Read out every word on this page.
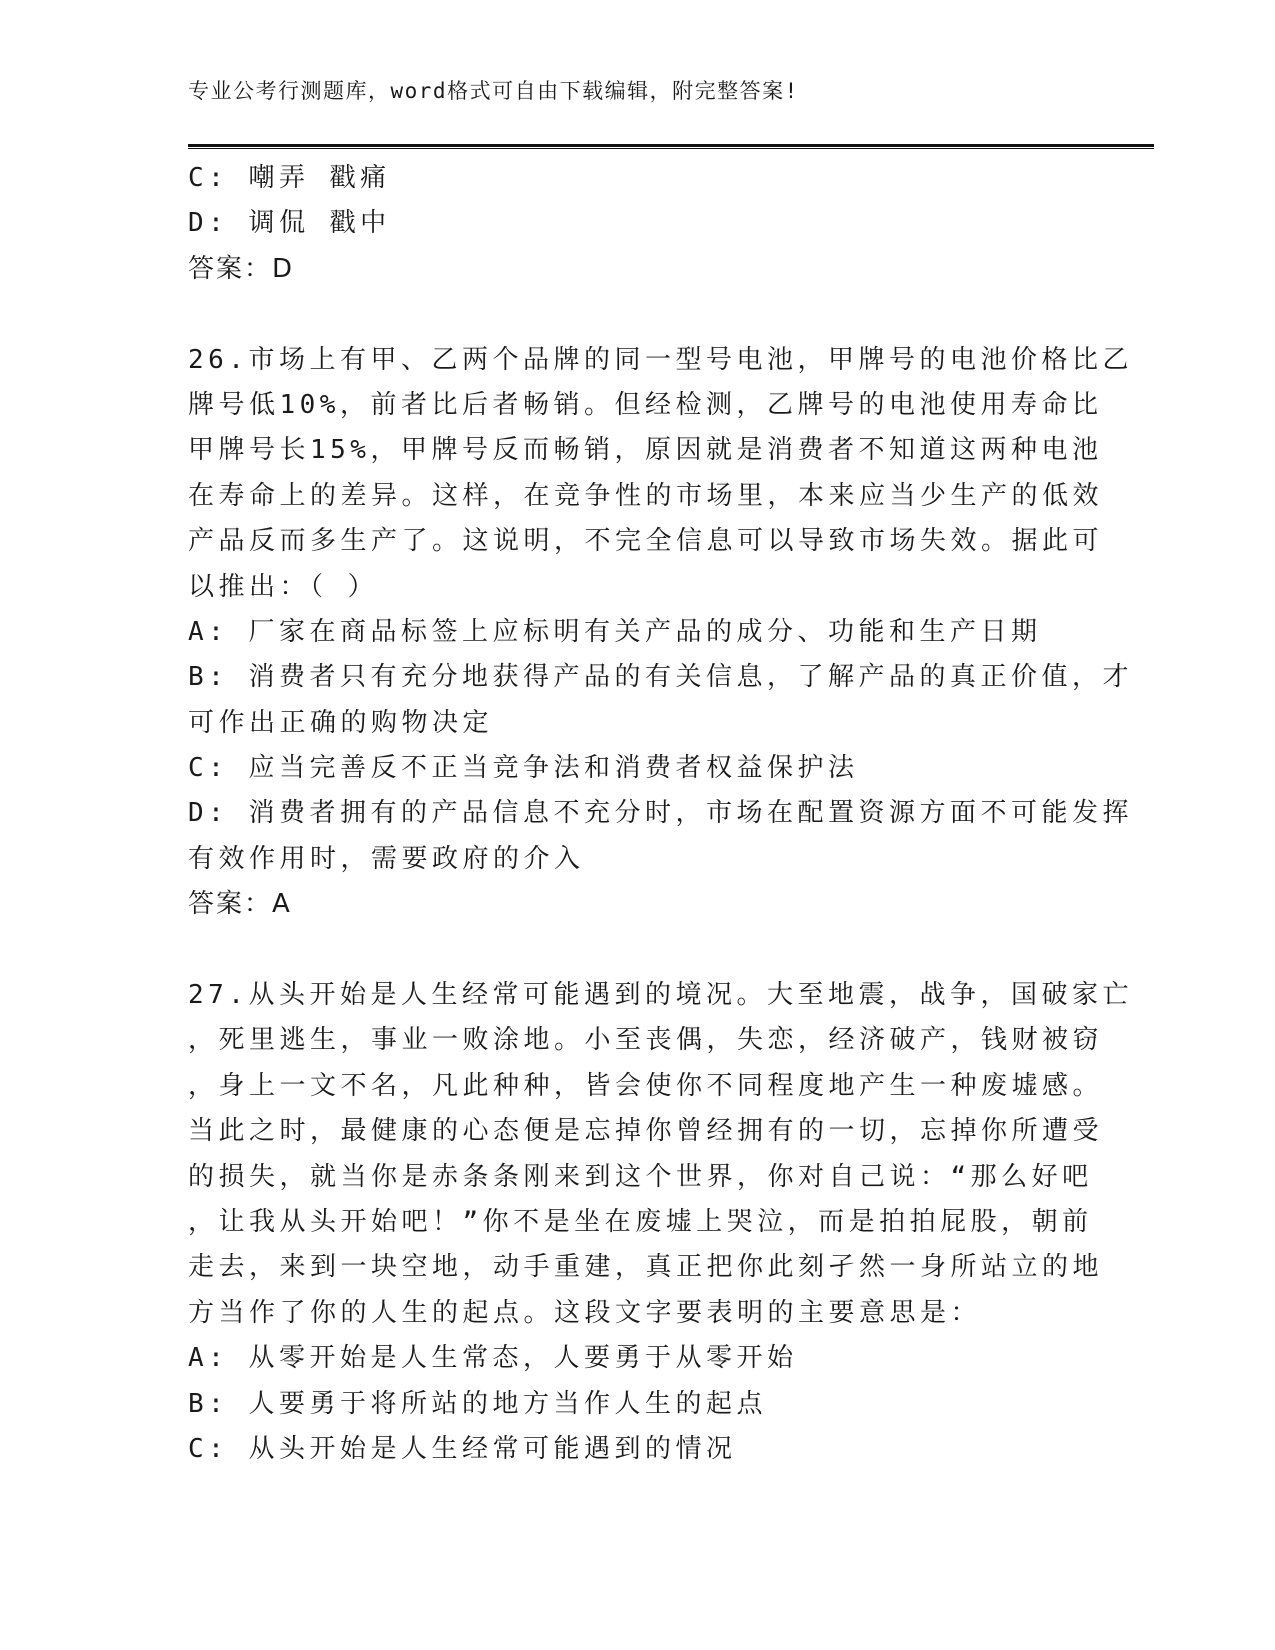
专业公考行测题库，word格式可自由下载编辑，附完整答案!
C: 嘲弄 戳痛
D: 调侃 戳中
答案：D
26.市场上有甲、乙两个品牌的同一型号电池，甲牌号的电池价格比乙
牌号低10%，前者比后者畅销。但经检测，乙牌号的电池使用寿命比
甲牌号长15%，甲牌号反而畅销，原因就是消费者不知道这两种电池
在寿命上的差异。这样，在竞争性的市场里，本来应当少生产的低效
产品反而多生产了。这说明，不完全信息可以导致市场失效。据此可
以推出：（ ）
A: 厂家在商品标签上应标明有关产品的成分、功能和生产日期
B: 消费者只有充分地获得产品的有关信息，了解产品的真正价值，才
可作出正确的购物决定
C: 应当完善反不正当竞争法和消费者权益保护法
D: 消费者拥有的产品信息不充分时，市场在配置资源方面不可能发挥
有效作用时，需要政府的介入
答案：A
27.从头开始是人生经常可能遇到的境况。大至地震，战争，国破家亡
，死里逃生，事业一败涂地。小至丧偶，失恋，经济破产，钱财被窃
，身上一文不名，凡此种种，皆会使你不同程度地产生一种废墟感。
当此之时，最健康的心态便是忘掉你曾经拥有的一切，忘掉你所遭受
的损失，就当你是赤条条刚来到这个世界，你对自己说：“那么好吧
，让我从头开始吧！”你不是坐在废墟上哭泣，而是拍拍屁股，朝前
走去，来到一块空地，动手重建，真正把你此刻孑然一身所站立的地
方当作了你的人生的起点。这段文字要表明的主要意思是：
A: 从零开始是人生常态，人要勇于从零开始
B: 人要勇于将所站的地方当作人生的起点
C: 从头开始是人生经常可能遇到的情况
